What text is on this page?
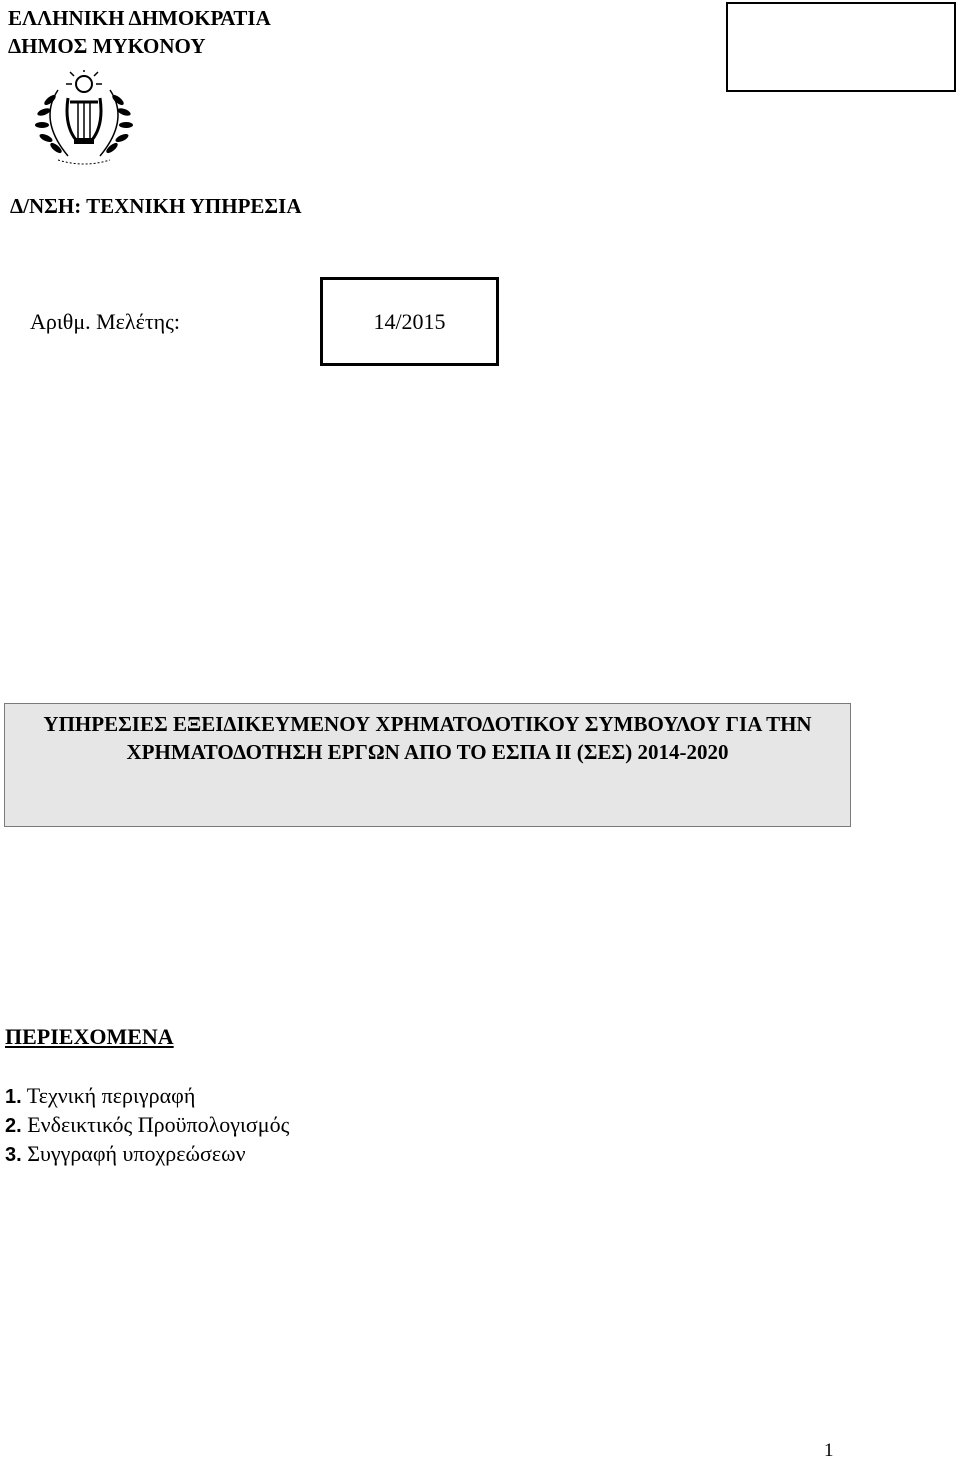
ΕΛΛΗΝΙΚΗ ΔΗΜΟΚΡΑΤΙΑ
ΔΗΜΟΣ ΜΥΚΟΝΟΥ
Δ/ΝΣΗ: ΤΕΧΝΙΚΗ ΥΠΗΡΕΣΙΑ
Αριθμ. Μελέτης:	14/2015
ΥΠΗΡΕΣΙΕΣ ΕΞΕΙΔΙΚΕΥΜΕΝΟΥ ΧΡΗΜΑΤΟΔΟΤΙΚΟΥ ΣΥΜΒΟΥΛΟΥ ΓΙΑ ΤΗΝ ΧΡΗΜΑΤΟΔΟΤΗΣΗ ΕΡΓΩΝ ΑΠΟ ΤΟ ΕΣΠΑ ΙΙ (ΣΕΣ) 2014-2020
ΠΕΡΙΕΧΟΜΕΝΑ
1. Τεχνική περιγραφή
2. Ενδεικτικός Προϋπολογισμός
3. Συγγραφή υποχρεώσεων
1
